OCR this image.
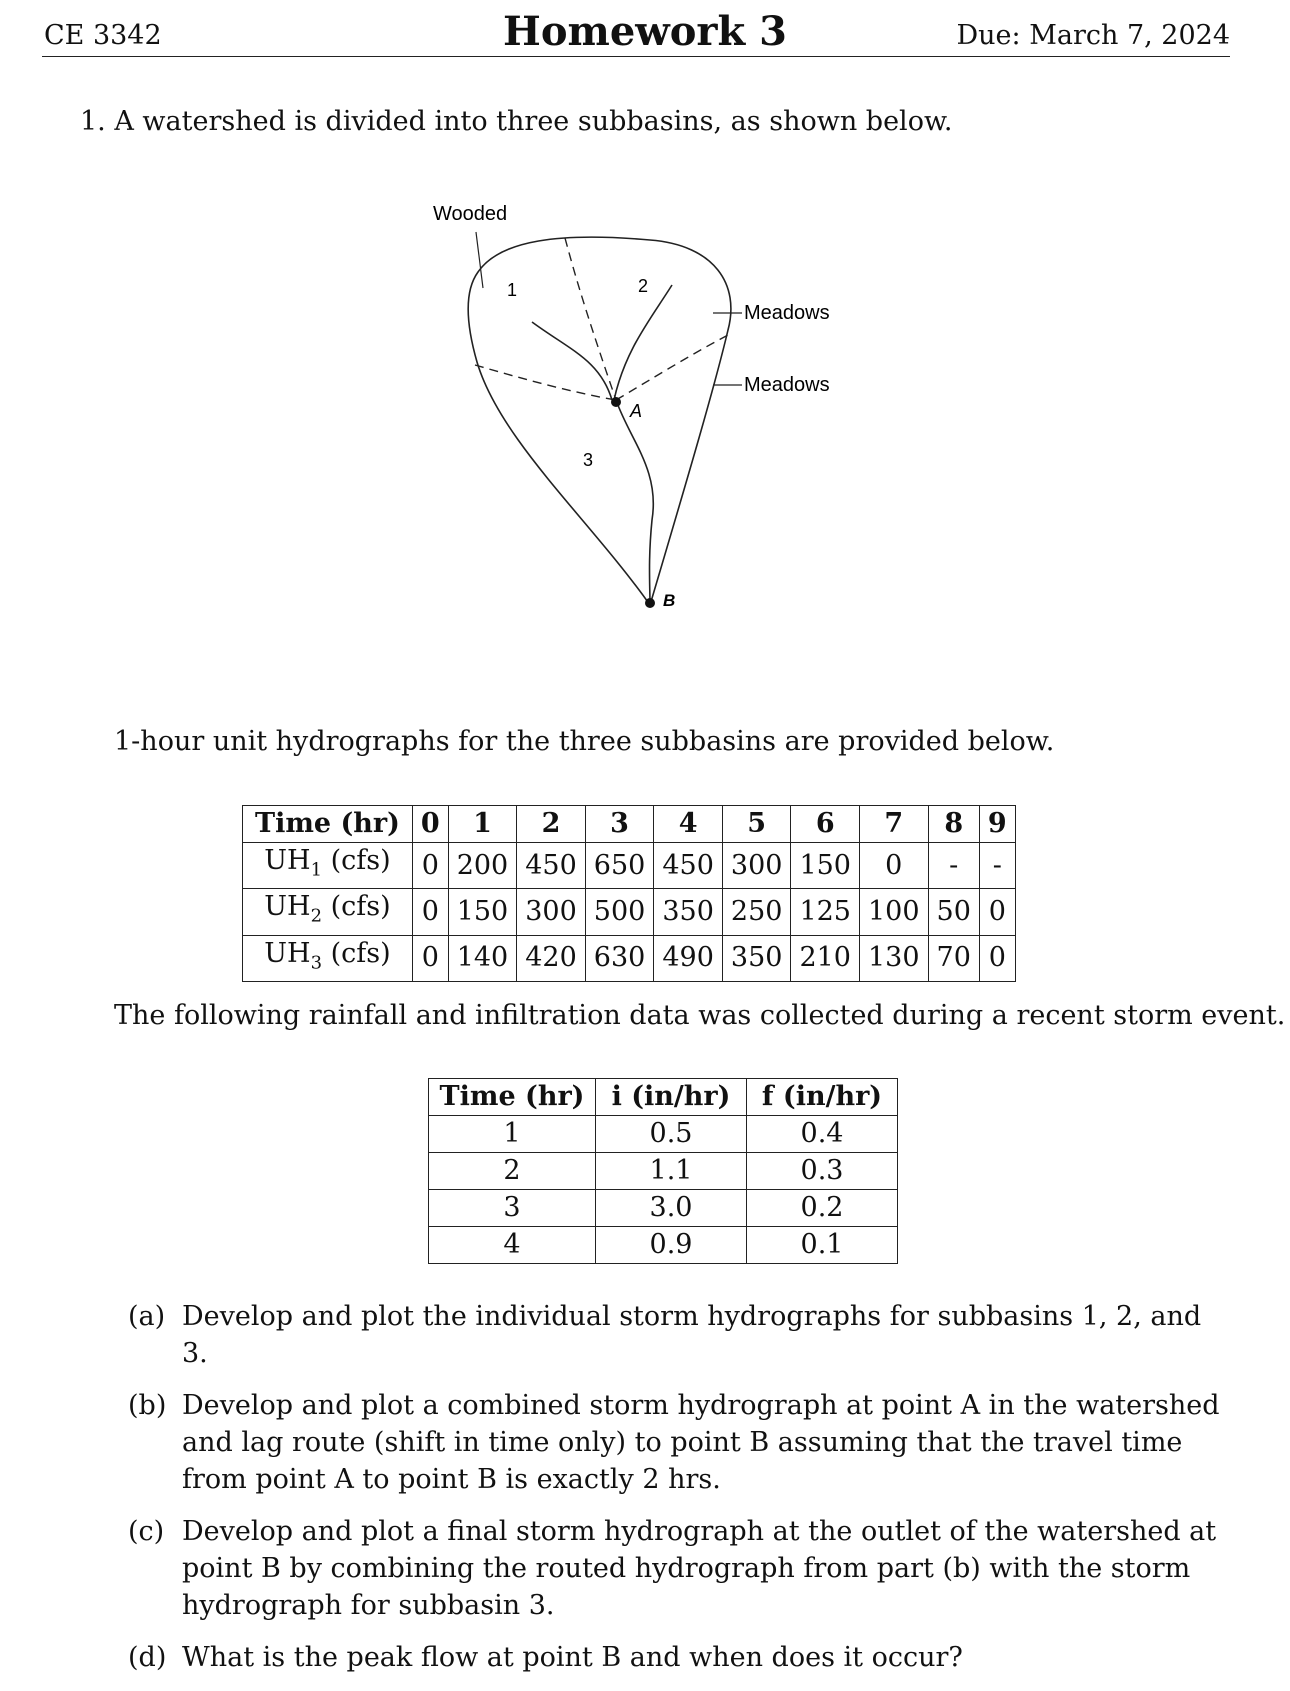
CE 3342	Homework 3	Due: March 7, 2024
1. A watershed is divided into three subbasins, as shown below.
Wooded
Meadows
Meadows
1	2
3
A
B
1-hour unit hydrographs for the three subbasins are provided below.
Time (hr)	0	1	2	3	4	5	6	7	8	9
$UH_1$ (cfs)	0	200	450	650	450	300	150	0	-	-
$UH_2$ (cfs)	0	150	300	500	350	250	125	100	50	0
$UH_3$ (cfs)	0	140	420	630	490	350	210	130	70	0
The following rainfall and infiltration data was collected during a recent storm event.
Time (hr)	i (in/hr)	f (in/hr)
1	0.5	0.4
2	1.1	0.3
3	3.0	0.2
4	0.9	0.1
(a) Develop and plot the individual storm hydrographs for subbasins 1, 2, and 3.
(b) Develop and plot a combined storm hydrograph at point A in the watershed and lag route (shift in time only) to point B assuming that the travel time from point A to point B is exactly 2 hrs.
(c) Develop and plot a final storm hydrograph at the outlet of the watershed at point B by combining the routed hydrograph from part (b) with the storm hydrograph for subbasin 3.
(d) What is the peak flow at point B and when does it occur?
